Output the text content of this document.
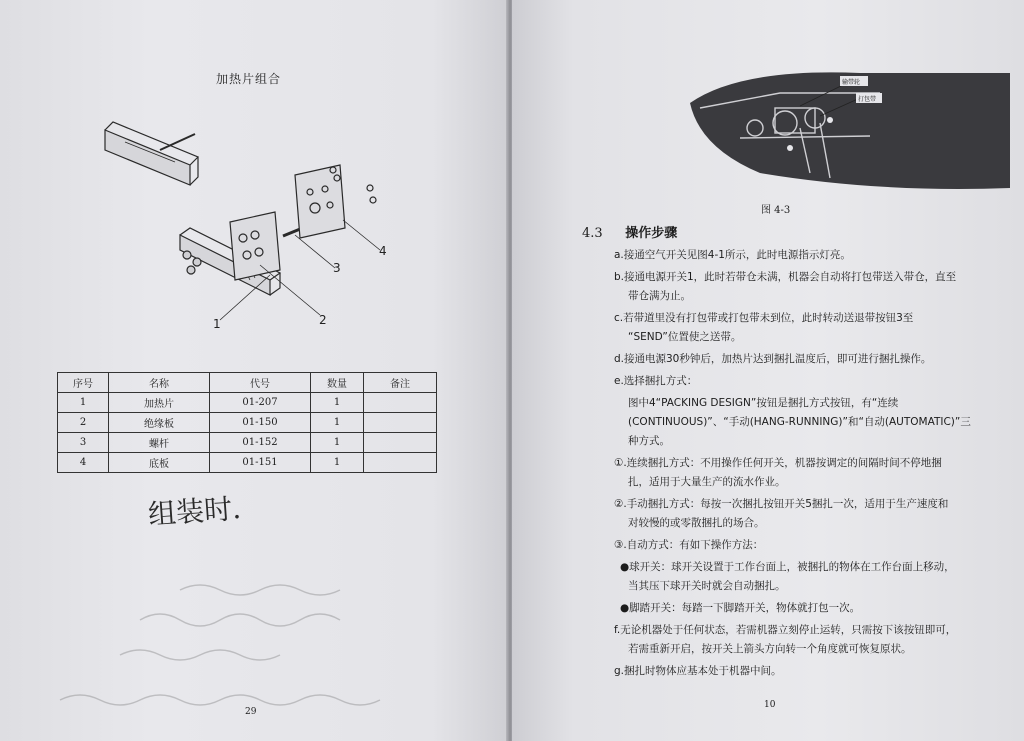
加热片组合
1	2
3
4
序号	名称	代号	数量	备注
1	加热片	01-207	1	
2	绝缘板	01-150	1	
3	螺杆	01-152	1	
4	底板	01-151	1	
组装时.
29
输带轮
打包带
图 4-3
4.3 操作步骤
a.接通空气开关见图4-1所示，此时电源指示灯亮。
b.接通电源开关1，此时若带仓未满，机器会自动将打包带送入带仓，直至
带仓满为止。
c.若带道里没有打包带或打包带未到位，此时转动送退带按钮3至
“SEND”位置使之送带。
d.接通电源30秒钟后，加热片达到捆扎温度后，即可进行捆扎操作。
e.选择捆扎方式：
图中4“PACKING DESIGN”按钮是捆扎方式按钮，有“连续
(CONTINUOUS)”、“手动(HANG-RUNNING)”和“自动(AUTOMATIC)”三
种方式。
①.连续捆扎方式：不用操作任何开关，机器按调定的间隔时间不停地捆
扎，适用于大量生产的流水作业。
②.手动捆扎方式：每按一次捆扎按钮开关5捆扎一次，适用于生产速度和
对较慢的或零散捆扎的场合。
③.自动方式：有如下操作方法：
●球开关：球开关设置于工作台面上，被捆扎的物体在工作台面上移动，
当其压下球开关时就会自动捆扎。
●脚踏开关：每踏一下脚踏开关，物体就打包一次。
f.无论机器处于任何状态，若需机器立刻停止运转，只需按下该按钮即可，
若需重新开启，按开关上箭头方向转一个角度就可恢复原状。
g.捆扎时物体应基本处于机器中间。
10
